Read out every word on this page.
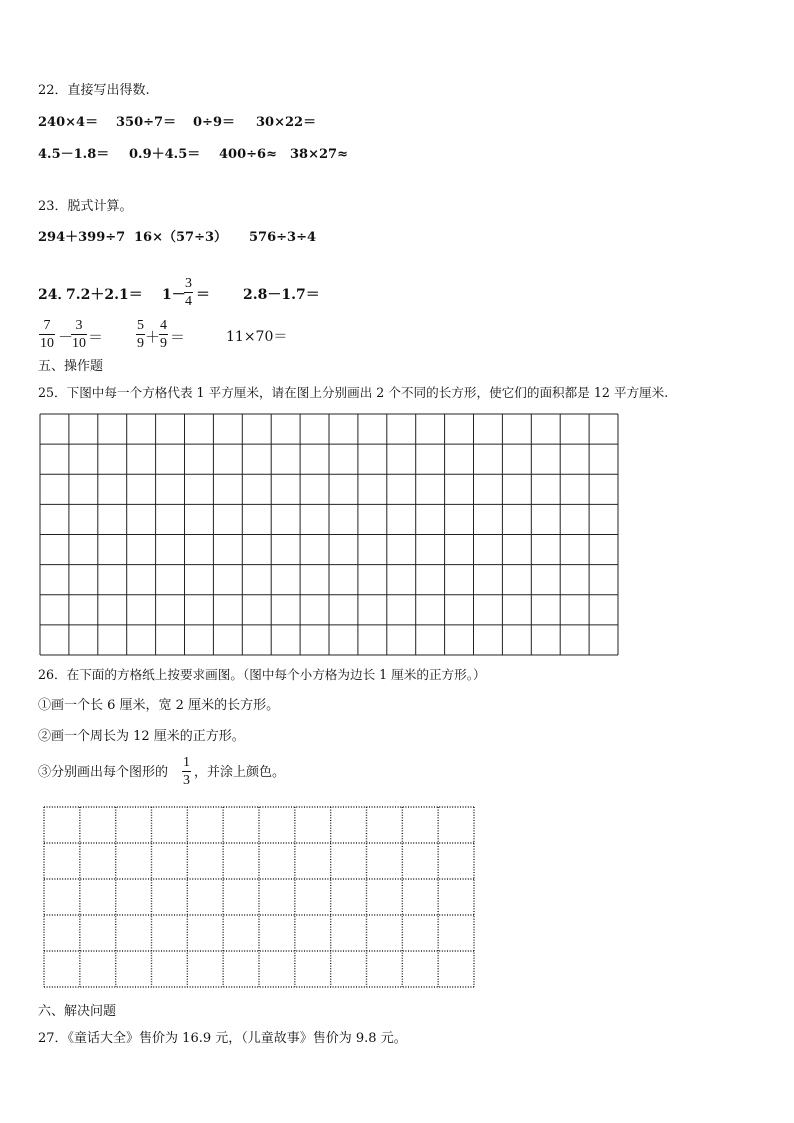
22．直接写出得数.
240×4＝ 350÷7＝ 0÷9＝ 30×22＝
4.5－1.8＝ 0.9＋4.5＝ 400÷6≈ 38×27≈
23．脱式计算。
294＋399÷7 16×（57÷3） 576÷3÷4
24．
7.2＋2.1＝ 1－
3
4 ＝ 2.8－1.7＝
7
10 －
3
10 ＝
5
9 ＋
4
9 ＝	11×70＝
五、操作题
25．下图中每一个方格代表 1 平方厘米，请在图上分别画出 2 个不同的长方形，使它们的面积都是 12 平方厘米.
26．在下面的方格纸上按要求画图。（图中每个小方格为边长 1 厘米的正方形。）
①画一个长 6 厘米，宽 2 厘米的长方形。
②画一个周长为 12 厘米的正方形。
③分别画出每个图形的
1
3
，并涂上颜色。
六、解决问题
27．《童话大全》售价为 16.9 元，（儿童故事》售价为 9.8 元。
